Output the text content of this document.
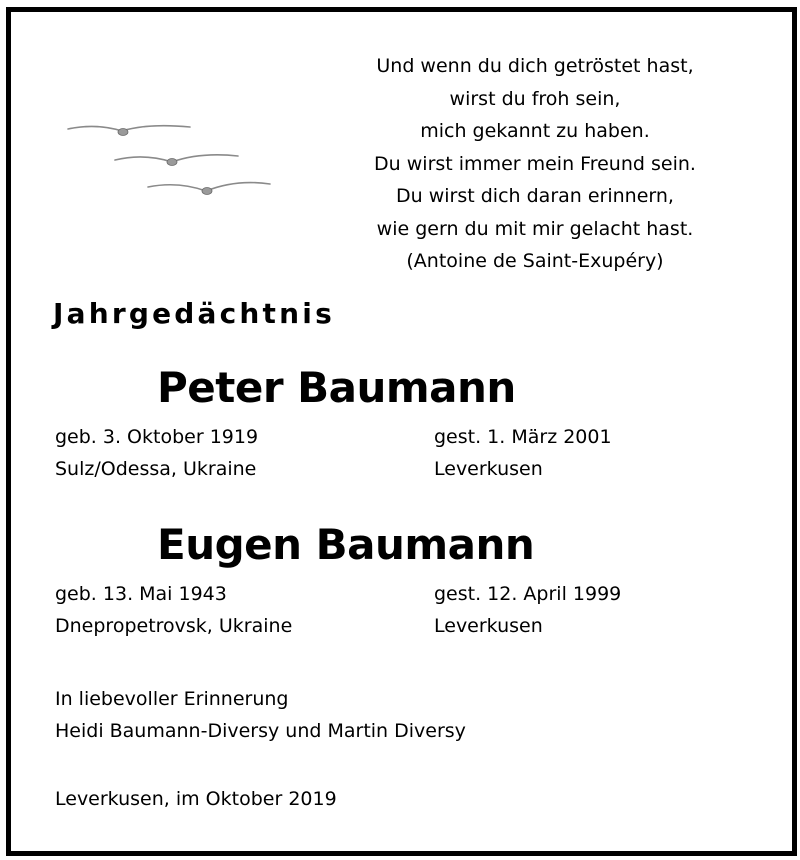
Und wenn du dich getröstet hast,
wirst du froh sein,
mich gekannt zu haben.
Du wirst immer mein Freund sein.
Du wirst dich daran erinnern,
wie gern du mit mir gelacht hast.
(Antoine de Saint-Exupéry)
Jahrgedächtnis
Peter Baumann
geb. 3. Oktober 1919	gest. 1. März 2001
Sulz/Odessa, Ukraine	Leverkusen
Eugen Baumann
geb. 13. Mai 1943	gest. 12. April 1999
Dnepropetrovsk, Ukraine	Leverkusen
In liebevoller Erinnerung
Heidi Baumann-Diversy und Martin Diversy
Leverkusen, im Oktober 2019
